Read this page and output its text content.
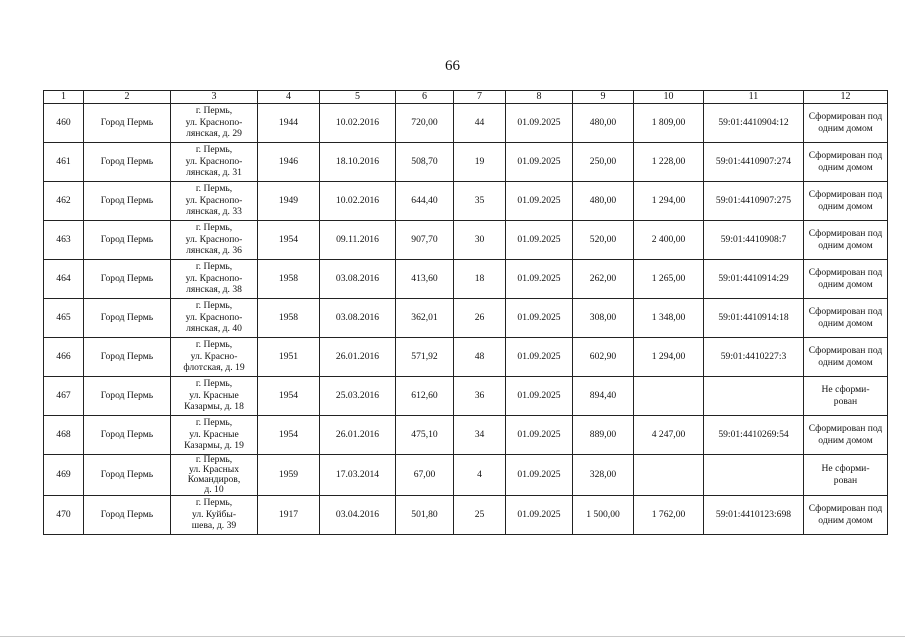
66
1	2	3	4	5	6	7	8	9	10	11	12
460	Город Пермь	г. Пермь,
ул. Краснопо-
лянская, д. 29	1944	10.02.2016	720,00	44	01.09.2025	480,00	1 809,00	59:01:4410904:12	Сформирован под одним домом
461	Город Пермь	г. Пермь,
ул. Краснопо-
лянская, д. 31	1946	18.10.2016	508,70	19	01.09.2025	250,00	1 228,00	59:01:4410907:274	Сформирован под одним домом
462	Город Пермь	г. Пермь,
ул. Краснопо-
лянская, д. 33	1949	10.02.2016	644,40	35	01.09.2025	480,00	1 294,00	59:01:4410907:275	Сформирован под одним домом
463	Город Пермь	г. Пермь,
ул. Краснопо-
лянская, д. 36	1954	09.11.2016	907,70	30	01.09.2025	520,00	2 400,00	59:01:4410908:7	Сформирован под одним домом
464	Город Пермь	г. Пермь,
ул. Краснопо-
лянская, д. 38	1958	03.08.2016	413,60	18	01.09.2025	262,00	1 265,00	59:01:4410914:29	Сформирован под одним домом
465	Город Пермь	г. Пермь,
ул. Краснопо-
лянская, д. 40	1958	03.08.2016	362,01	26	01.09.2025	308,00	1 348,00	59:01:4410914:18	Сформирован под одним домом
466	Город Пермь	г. Пермь,
ул. Красно-
флотская, д. 19	1951	26.01.2016	571,92	48	01.09.2025	602,90	1 294,00	59:01:4410227:3	Сформирован под одним домом
467	Город Пермь	г. Пермь,
ул. Красные
Казармы, д. 18	1954	25.03.2016	612,60	36	01.09.2025	894,40			Не сформи-
рован
468	Город Пермь	г. Пермь,
ул. Красные
Казармы, д. 19	1954	26.01.2016	475,10	34	01.09.2025	889,00	4 247,00	59:01:4410269:54	Сформирован под одним домом
469	Город Пермь	г. Пермь,
ул. Красных
Командиров,
д. 10	1959	17.03.2014	67,00	4	01.09.2025	328,00			Не сформи-
рован
470	Город Пермь	г. Пермь,
ул. Куйбы-
шева, д. 39	1917	03.04.2016	501,80	25	01.09.2025	1 500,00	1 762,00	59:01:4410123:698	Сформирован под одним домом
